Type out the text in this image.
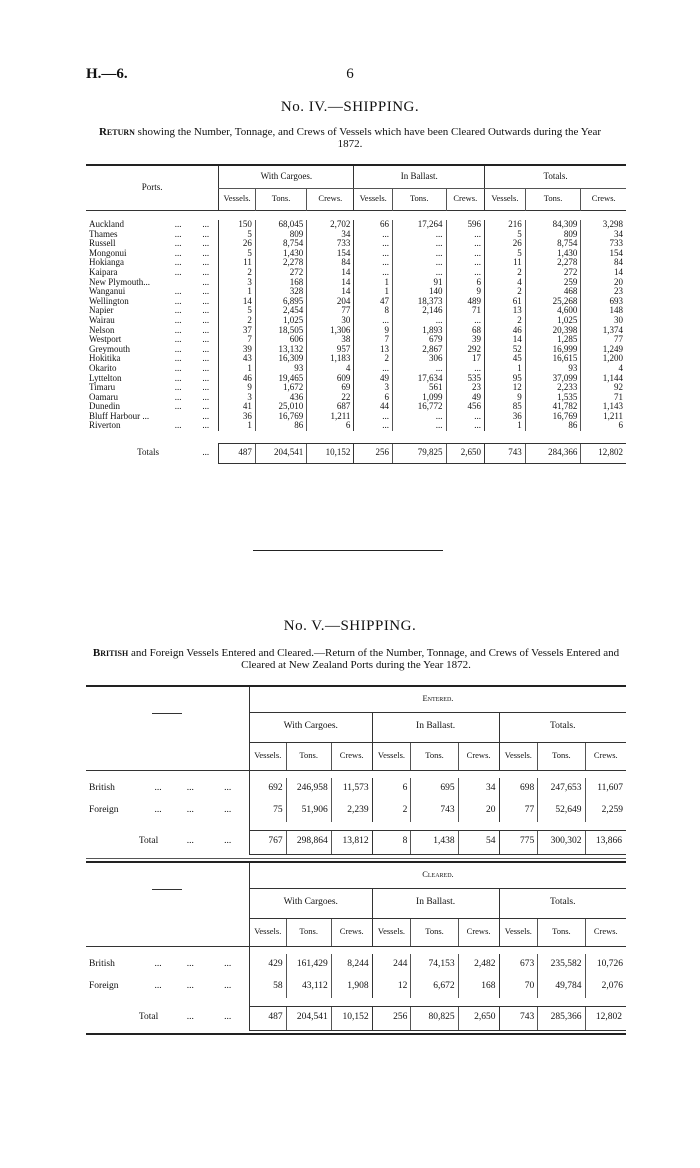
H.—6.	6
No. IV.—SHIPPING.
Return showing the Number, Tonnage, and Crews of Vessels which have been Cleared Outwards during the Year 1872.
Ports.			With Cargoes.			In Ballast.			Totals.		
			Vessels.	Tons.	Crews.	Vessels.	Tons.	Crews.	Vessels.	Tons.	Crews.

Auckland	...	...	150	68,045	2,702	66	17,264	596	216	84,309	3,298
Thames	...	...	5	809	34	...	...	...	5	809	34
Russell	...	...	26	8,754	733	...	...	...	26	8,754	733
Mongonui	...	...	5	1,430	154	...	...	...	5	1,430	154
Hokianga	...	...	11	2,278	84	...	...	...	11	2,278	84
Kaipara	...	...	2	272	14	...	...	...	2	272	14
New Plymouth...		...	3	168	14	1	91	6	4	259	20
Wanganui	...	...	1	328	14	1	140	9	2	468	23
Wellington	...	...	14	6,895	204	47	18,373	489	61	25,268	693
Napier	...	...	5	2,454	77	8	2,146	71	13	4,600	148
Wairau	...	...	2	1,025	30	...	...	...	2	1,025	30
Nelson	...	...	37	18,505	1,306	9	1,893	68	46	20,398	1,374
Westport	...	...	7	606	38	7	679	39	14	1,285	77
Greymouth	...	...	39	13,132	957	13	2,867	292	52	16,999	1,249
Hokitika	...	...	43	16,309	1,183	2	306	17	45	16,615	1,200
Okarito	...	...	1	93	4	...	...	...	1	93	4
Lyttelton	...	...	46	19,465	609	49	17,634	535	95	37,099	1,144
Timaru	...	...	9	1,672	69	3	561	23	12	2,233	92
Oamaru	...	...	3	436	22	6	1,099	49	9	1,535	71
Dunedin	...	...	41	25,010	687	44	16,772	456	85	41,782	1,143
Bluff Harbour ...		...	36	16,769	1,211	...	...	...	36	16,769	1,211
Riverton	...	...	1	86	6	...	...	...	1	86	6

Totals		...	487	204,541	10,152	256	79,825	2,650	743	284,366	12,802
No. V.—SHIPPING.
British and Foreign Vessels Entered and Cleared.—Return of the Number, Tonnage, and Crews of Vessels Entered and Cleared at New Zealand Ports during the Year 1872.
				Entered.								
				With Cargoes.			In Ballast.			Totals.		
				Vessels.	Tons.	Crews.	Vessels.	Tons.	Crews.	Vessels.	Tons.	Crews.

British	...	...	...	692	246,958	11,573	6	695	34	698	247,653	11,607
Foreign	...	...	...	75	51,906	2,239	2	743	20	77	52,649	2,259

Total		...	...	767	298,864	13,812	8	1,438	54	775	300,302	13,866

				Cleared.								
				With Cargoes.			In Ballast.			Totals.		
				Vessels.	Tons.	Crews.	Vessels.	Tons.	Crews.	Vessels.	Tons.	Crews.

British	...	...	...	429	161,429	8,244	244	74,153	2,482	673	235,582	10,726
Foreign	...	...	...	58	43,112	1,908	12	6,672	168	70	49,784	2,076

Total		...	...	487	204,541	10,152	256	80,825	2,650	743	285,366	12,802
